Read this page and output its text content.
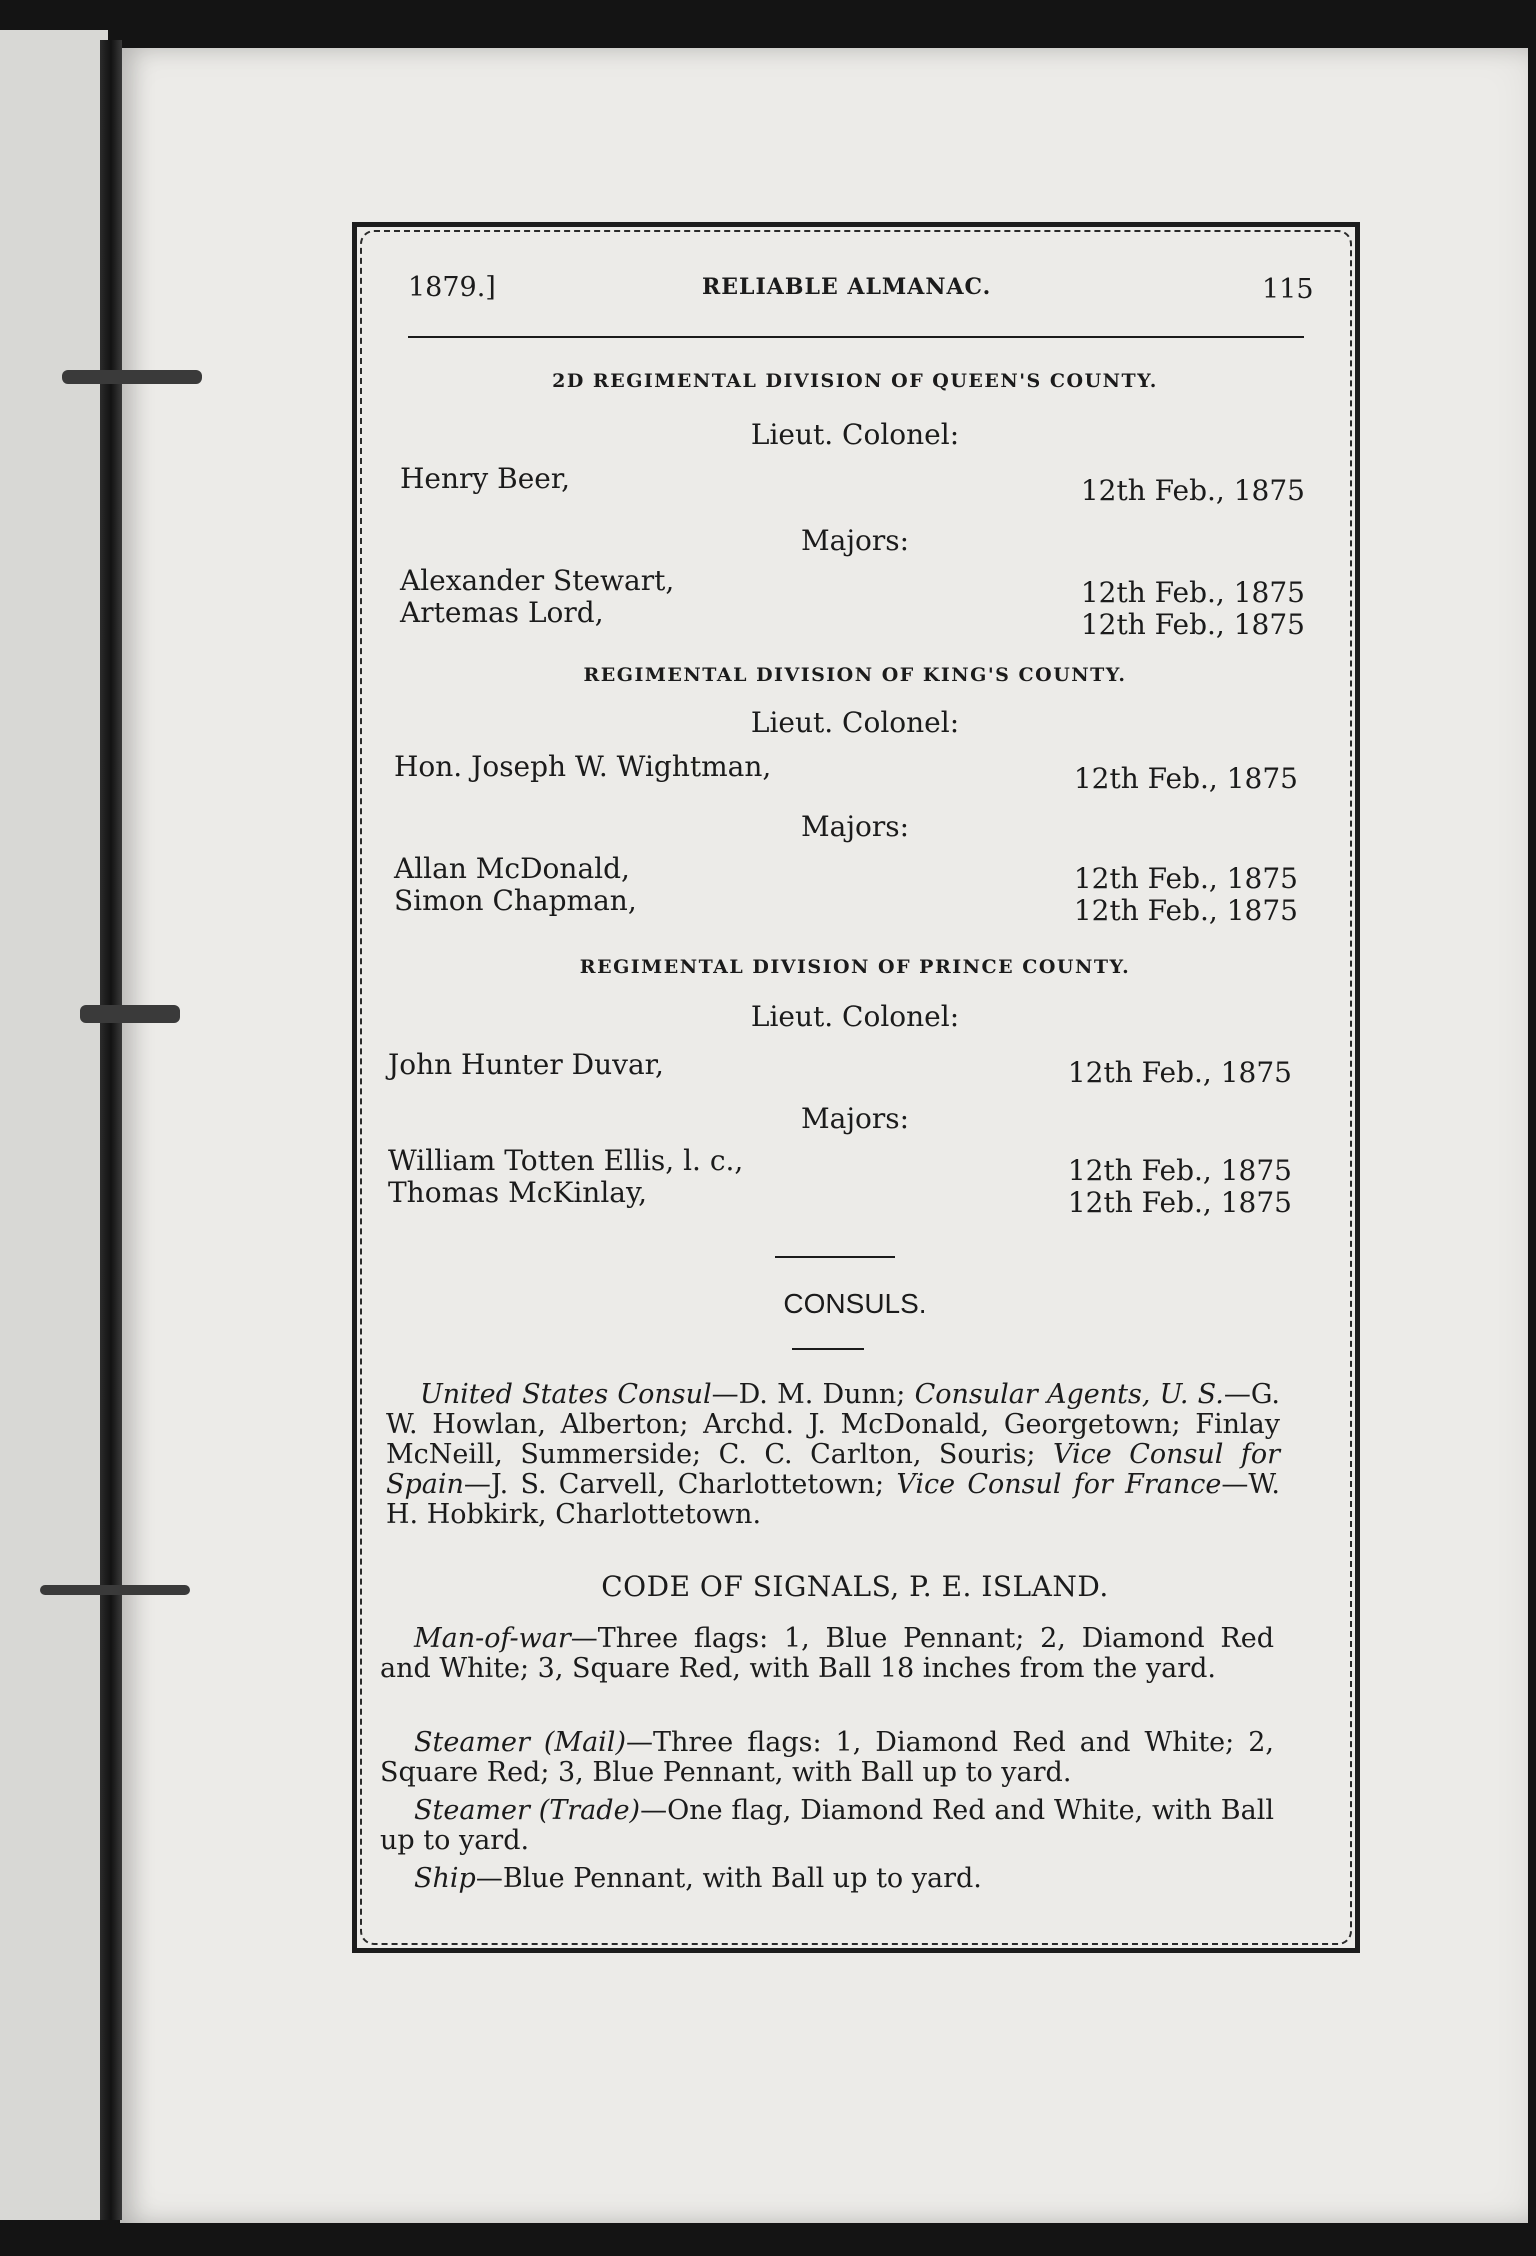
1879.]	RELIABLE ALMANAC.	115
2D REGIMENTAL DIVISION OF QUEEN'S COUNTY.
Lieut. Colonel:
Henry Beer,	12th Feb., 1875
Majors:
Alexander Stewart,	12th Feb., 1875
Artemas Lord,	12th Feb., 1875
REGIMENTAL DIVISION OF KING'S COUNTY.
Lieut. Colonel:
Hon. Joseph W. Wightman,	12th Feb., 1875
Majors:
Allan McDonald,	12th Feb., 1875
Simon Chapman,	12th Feb., 1875
REGIMENTAL DIVISION OF PRINCE COUNTY.
Lieut. Colonel:
John Hunter Duvar,	12th Feb., 1875
Majors:
William Totten Ellis, l. c.,	12th Feb., 1875
Thomas McKinlay,	12th Feb., 1875
CONSULS.
United States Consul—D. M. Dunn; Consular Agents, U. S.—G. W. Howlan, Alberton; Archd. J. McDonald, Georgetown; Finlay McNeill, Summerside; C. C. Carlton, Souris; Vice Consul for Spain—J. S. Carvell, Charlottetown; Vice Consul for France—W. H. Hobkirk, Charlottetown.
CODE OF SIGNALS, P. E. ISLAND.
Man-of-war—Three flags: 1, Blue Pennant; 2, Diamond Red and White; 3, Square Red, with Ball 18 inches from the yard.
Steamer (Mail)—Three flags: 1, Diamond Red and White; 2, Square Red; 3, Blue Pennant, with Ball up to yard.
Steamer (Trade)—One flag, Diamond Red and White, with Ball up to yard.
Ship—Blue Pennant, with Ball up to yard.
